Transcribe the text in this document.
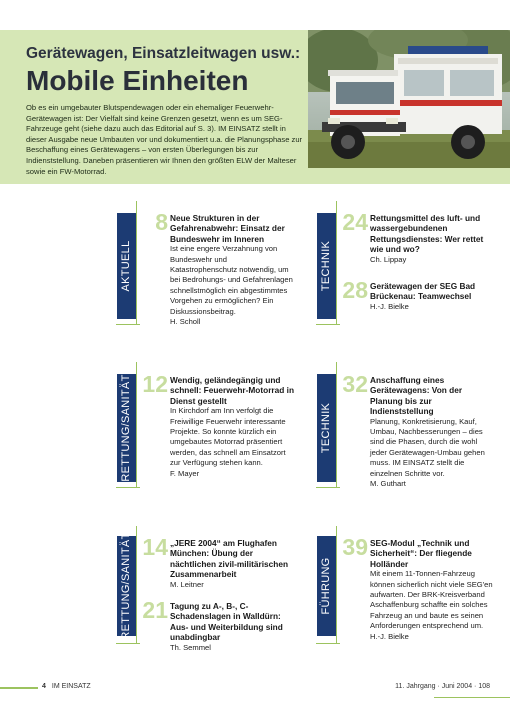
Gerätewagen, Einsatzleitwagen usw.:

Mobile Einheiten

Ob es ein umgebauter Blutspendewagen oder ein ehemaliger Feuerwehr-Gerätewagen ist: Der Vielfalt sind keine Grenzen gesetzt, wenn es um SEG-Fahrzeuge geht (siehe dazu auch das Editorial auf S. 3). IM EINSATZ stellt in dieser Ausgabe neue Umbauten vor und dokumentiert u.a. die Planungsphase zur Beschaffung eines Gerätewagens – von ersten Überlegungen bis zur Indienststellung. Daneben präsentieren wir Ihnen den größten ELW der Malteser sowie ein FW-Motorrad.

AKTUELL
8 Neue Strukturen in der Gefahrenabwehr: Einsatz der Bundeswehr im Inneren

Ist eine engere Verzahnung von Bundeswehr und Katastrophenschutz notwendig, um bei Bedrohungs- und Gefahrenlagen schnellstmöglich ein abgestimmtes Vorgehen zu ermöglichen? Ein Diskussionsbeitrag.

H. Scholl

TECHNIK
24 Rettungsmittel des luft- und wassergebundenen Rettungsdienstes: Wer rettet wie und wo?

Ch. Lippay

28 Gerätewagen der SEG Bad Brückenau: Teamwechsel

H.-J. Bielke

RETTUNG/SANITÄT 12 Wendig, geländegängig und schnell: Feuerwehr-Motorrad in Dienst gestellt

In Kirchdorf am Inn verfolgt die Freiwillige Feuerwehr interessante Projekte. So konnte kürzlich ein umgebautes Motorrad präsentiert werden, das schnell am Einsatzort zur Verfügung stehen kann.

F. Mayer

TECHNIK
32 Anschaffung eines Gerätewagens: Von der Planung bis zur Indienststellung

Planung, Konkretisierung, Kauf, Umbau, Nachbesserungen – dies sind die Phasen, durch die wohl jeder Gerätewagen-Umbau gehen muss. IM EINSATZ stellt die einzelnen Schritte vor.

M. Guthart

RETTUNG/SANITÄT 14 „JERE 2004“ am Flughafen München: Übung der nächtlichen zivil-militärischen Zusammenarbeit

M. Leitner

21 Tagung zu A-, B-, C-Schadenslagen in Walldürn: Aus- und Weiterbildung sind unabdingbar

Th. Semmel

FÜHRUNG
39 SEG-Modul „Technik und Sicherheit“: Der fliegende Holländer

Mit einem 11-Tonnen-Fahrzeug können sicherlich nicht viele SEG'en aufwarten. Der BRK-Kreisverband Aschaffenburg schaffte ein solches Fahrzeug an und baute es seinen Anforderungen entsprechend um.

H.-J. Bielke

4 IM EINSATZ	11. Jahrgang · Juni 2004 · 108
